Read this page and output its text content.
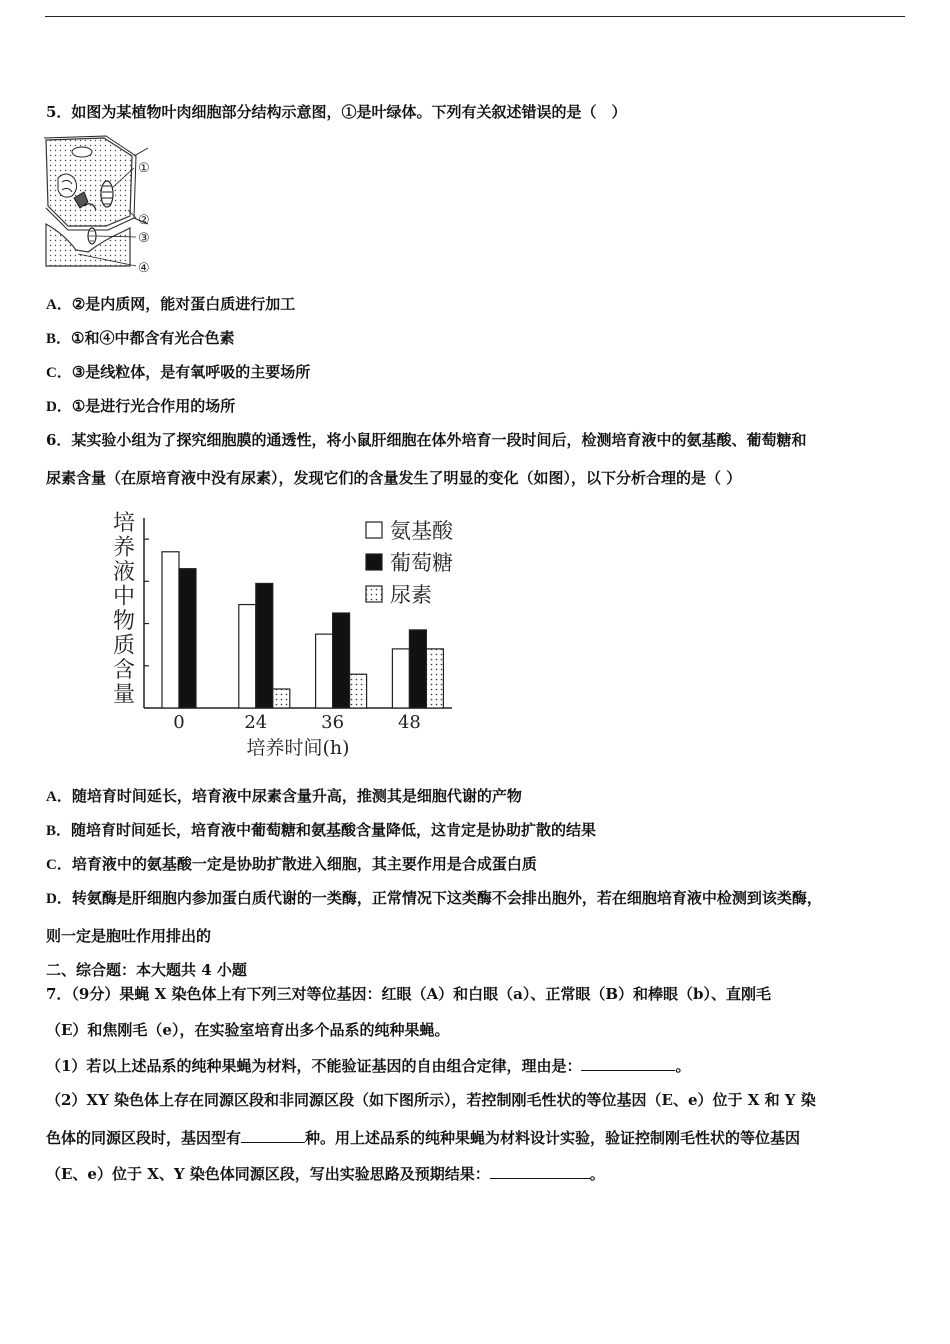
5．如图为某植物叶肉细胞部分结构示意图，①是叶绿体。下列有关叙述错误的是（　）
①
②
③
④
A．②是内质网，能对蛋白质进行加工
B．①和④中都含有光合色素
C．③是线粒体，是有氧呼吸的主要场所
D．①是进行光合作用的场所
6．某实验小组为了探究细胞膜的通透性，将小鼠肝细胞在体外培育一段时间后，检测培育液中的氨基酸、葡萄糖和
尿素含量（在原培育液中没有尿素），发现它们的含量发生了明显的变化（如图），以下分析合理的是（ ）
培
养
液
中
物
质
含
量
0	24	36	48
氨基酸
葡萄糖
尿素
培养时间(h)
A．随培育时间延长，培育液中尿素含量升高，推测其是细胞代谢的产物
B．随培育时间延长，培育液中葡萄糖和氨基酸含量降低，这肯定是协助扩散的结果
C．培育液中的氨基酸一定是协助扩散进入细胞，其主要作用是合成蛋白质
D．转氨酶是肝细胞内参加蛋白质代谢的一类酶，正常情况下这类酶不会排出胞外，若在细胞培育液中检测到该类酶，
则一定是胞吐作用排出的
二、综合题：本大题共 4 小题
7．（9分）果蝇 X 染色体上有下列三对等位基因：红眼（A）和白眼（a）、正常眼（B）和棒眼（b）、直刚毛
（E）和焦刚毛（e），在实验室培育出多个品系的纯种果蝇。
（1）若以上述品系的纯种果蝇为材料，不能验证基因的自由组合定律，理由是：	。
（2）XY 染色体上存在同源区段和非同源区段（如下图所示），若控制刚毛性状的等位基因（E、e）位于 X 和 Y 染
色体的同源区段时，基因型有	种。用上述品系的纯种果蝇为材料设计实验，验证控制刚毛性状的等位基因
（E、e）位于 X、Y 染色体同源区段，写出实验思路及预期结果：	。
